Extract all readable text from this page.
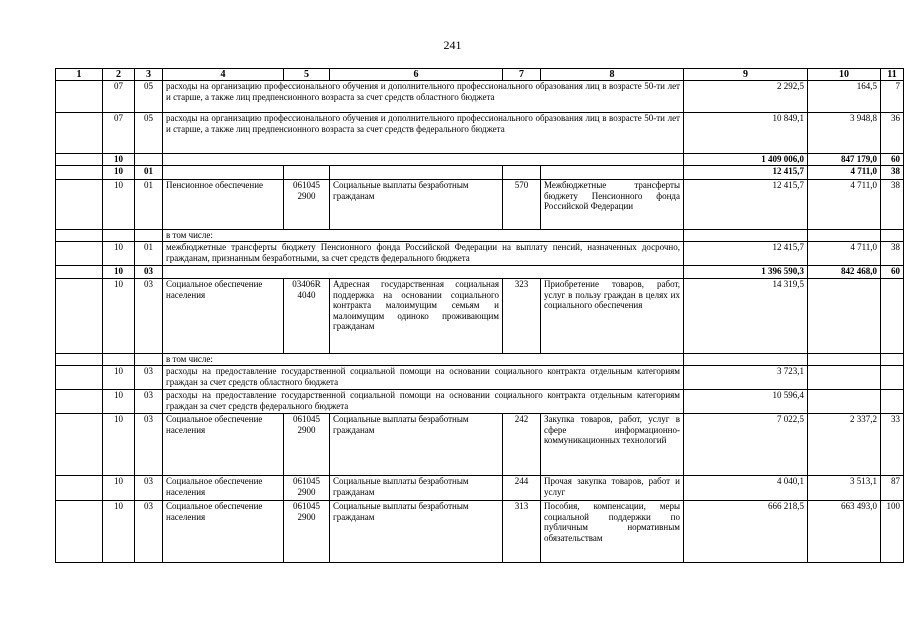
241
1	2	3	4	5	6	7	8	9	10	11
	07	05	расходы на организацию профессионального обучения и дополнительного профессионального образования лиц в возрасте 50-ти лет и старше, а также лиц предпенсионного возраста за счет средств областного бюджета					2 292,5	164,5	7
	07	05	расходы на организацию профессионального обучения и дополнительного профессионального образования лиц в возрасте 50-ти лет и старше, а также лиц предпенсионного возраста за счет средств федерального бюджета					10 849,1	3 948,8	36
	10							1 409 006,0	847 179,0	60
	10	01						12 415,7	4 711,0	38
	10	01	Пенсионное обеспечение	061045 2900	Социальные выплаты безработным гражданам	570	Межбюджетные трансферты бюджету Пенсионного фонда Российской Федерации	12 415,7	4 711,0	38
			в том числе:							
	10	01	межбюджетные трансферты бюджету Пенсионного фонда Российской Федерации на выплату пенсий, назначенных досрочно, гражданам, признанным безработными, за счет средств федерального бюджета					12 415,7	4 711,0	38
	10	03						1 396 590,3	842 468,0	60
	10	03	Социальное обеспечение населения	03406R 4040	Адресная государственная социальная поддержка на основании социального контракта малоимущим семьям и малоимущим одиноко проживающим гражданам	323	Приобретение товаров, работ, услуг в пользу граждан в целях их социального обеспечения	14 319,5		
			в том числе:							
	10	03	расходы на предоставление государственной социальной помощи на основании социального контракта отдельным категориям граждан за счет средств областного бюджета					3 723,1		
	10	03	расходы на предоставление государственной социальной помощи на основании социального контракта отдельным категориям граждан за счет средств федерального бюджета					10 596,4		
	10	03	Социальное обеспечение населения	061045 2900	Социальные выплаты безработным гражданам	242	Закупка товаров, работ, услуг в сфере информационно-коммуникационных технологий	7 022,5	2 337,2	33
	10	03	Социальное обеспечение населения	061045 2900	Социальные выплаты безработным гражданам	244	Прочая закупка товаров, работ и услуг	4 040,1	3 513,1	87
	10	03	Социальное обеспечение населения	061045 2900	Социальные выплаты безработным гражданам	313	Пособия, компенсации, меры социальной поддержки по публичным нормативным обязательствам	666 218,5	663 493,0	100
